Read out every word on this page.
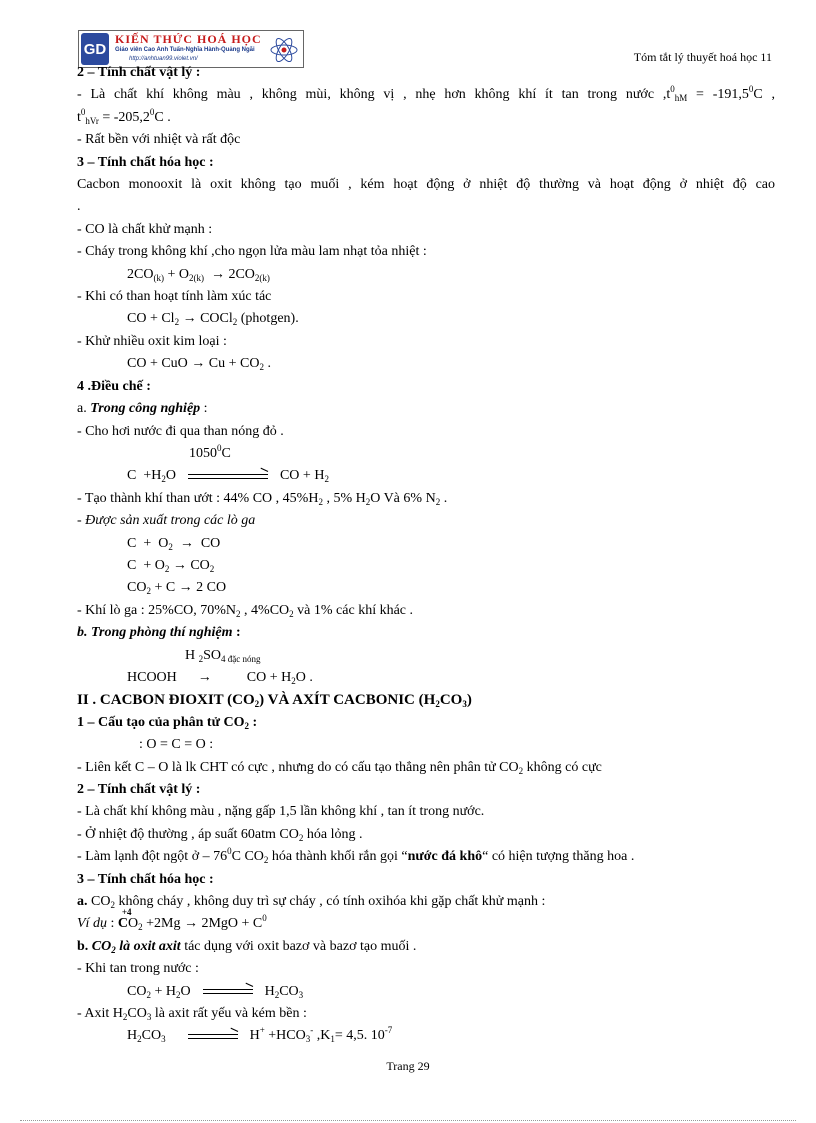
GD
KIẾN THỨC HOÁ HỌC
Giáo viên Cao Anh Tuấn-Nghĩa Hành-Quảng Ngãi
http://anhtuan99.violet.vn/	Tóm tắt lý thuyết hoá học 11
2 – Tính chất vật lý :
- Là chất khí không màu , không mùi, không vị , nhẹ hơn không khí ít tan trong nước $,t^0_{hM} = -191,5^0C$ ,
$t^0_{hVr} = -205,2^0C$ .
- Rất bền với nhiệt và rất độc
3 – Tính chất hóa học :
Cacbon monooxit là oxit không tạo muối , kém hoạt động ở nhiệt độ thường và hoạt động ở nhiệt độ cao
.
- CO là chất khử mạnh :
- Cháy trong không khí ,cho ngọn lửa màu lam nhạt tỏa nhiệt :
$2CO_{(k)} + O_{2(k)} \to 2CO_{2(k)}$
- Khi có than hoạt tính làm xúc tác
CO + $Cl_2$ → COCl$_2$ (photgen).
- Khử nhiều oxit kim loại :
CO + CuO → $Cu + CO_2$ .
4 .Điều chế :
a. Trong công nghiệp :
- Cho hơi nước đi qua than nóng đỏ .
1050$^0$C
$C +H_2O$	CO + $H_2$
- Tạo thành khí than ướt : 44% CO , $45\%H_2$ , 5% $H_2O$ Và 6% $N_2$ .
- Được sản xuất trong các lò ga
$C + O_2$  →  CO
$C + O_2 \to CO_2$
$CO_2 + C \to 2$ CO
- Khí lò ga : 25%CO, $70\%N_2$ , $4\%CO_2$ và 1% các khí khác .
b. Trong phòng thí nghiệm :
H $_2SO_{4 đặc nóng}$
HCOOH      →          CO + $H_2O$ .
II . CACBON ĐIOXIT $(CO_2)$ VÀ AXÍT CACBONIC $(H_2CO_3)$
1 – Cấu tạo của phân tử $CO_2$ :
: O = C = O :
- Liên kết C – O là lk CHT có cực , nhưng do có cấu tạo thẳng nên phân tử $CO_2$ không có cực
2 – Tính chất vật lý :
- Là chất khí không màu , nặng gấp 1,5 lần không khí , tan ít trong nước.
- Ở nhiệt độ thường , áp suất 60atm $CO_2$ hóa lỏng .
- Làm lạnh đột ngột ở – $76^0C$ $CO_2$ hóa thành khối rắn gọi “nước đá khô“ có hiện tượng thăng hoa .
3 – Tính chất hóa học :
a. $CO_2$ không cháy , không duy trì sự cháy , có tính oxihóa khi gặp chất khử mạnh :
Ví dụ :
+4
$CO_2 +2Mg \to 2MgO + C^0$
b. $CO_2$ là oxit axit tác dụng với oxit bazơ và bazơ tạo muối .
- Khi tan trong nước :
$CO_2 + H_2O$	$H_2CO_3$
- Axit $H_2CO_3$ là axit rất yếu và kém bền :
$H_2CO_3$	$H^+ +HCO_3^-$ $,K_1= 4,5$. $10^{-7}$
Trang 29
